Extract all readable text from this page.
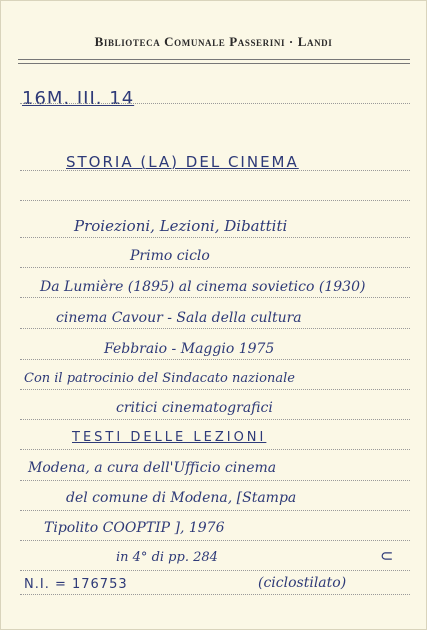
Biblioteca Comunale Passerini · Landi
16M. III. 14
STORIA (LA) DEL CINEMA
Proiezioni, Lezioni, Dibattiti
Primo ciclo
Da Lumière (1895) al cinema sovietico (1930)
cinema Cavour - Sala della cultura
Febbraio - Maggio 1975
Con il patrocinio del Sindacato nazionale
critici cinematografici
TESTI DELLE LEZIONI
Modena, a cura dell'Ufficio cinema
del comune di Modena, [Stampa
Tipolito COOPTIP ], 1976
in 4° di pp. 284	⊂
N.I. = 176753	(ciclostilato)
